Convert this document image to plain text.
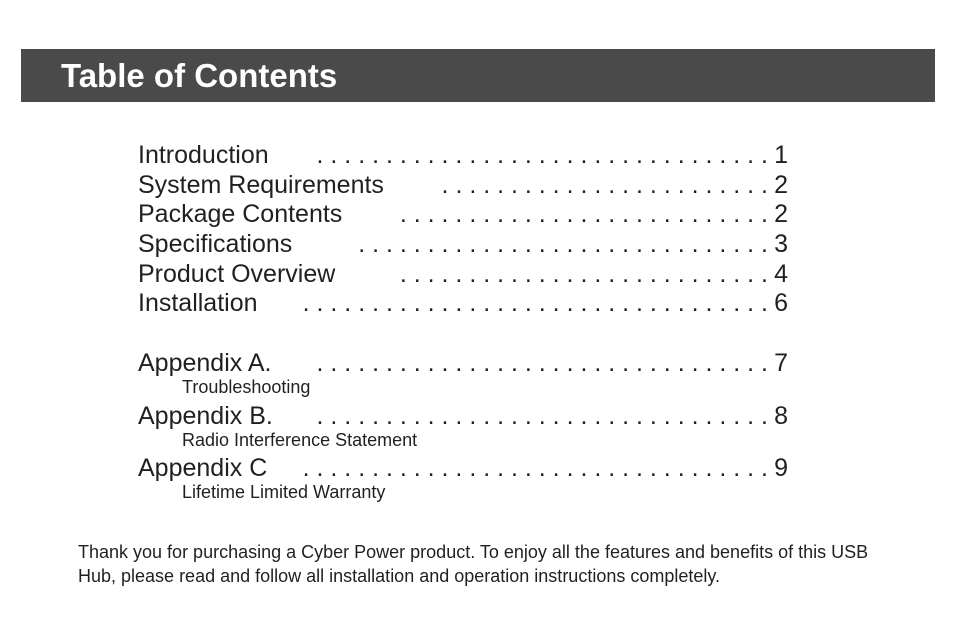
Table of Contents
Introduction . . . . . . . . . . . . . . . . . . . . . . . . . . . . . . . . . 1
System Requirements . . . . . . . . . . . . . . . . . . . . . . . . 2
Package Contents . . . . . . . . . . . . . . . . . . . . . . . . . . . 2
Specifications	. . . . . . . . . . . . . . . . . . . . . . . . . . . . . . 3
Product Overview	. . . . . . . . . . . . . . . . . . . . . . . . . . . 4
Installation . . . . . . . . . . . . . . . . . . . . . . . . . . . . . . . . . . 6
Appendix A. . . . . . . . . . . . . . . . . . . . . . . . . . . . . . . . . . 7
Troubleshooting
Appendix B. . . . . . . . . . . . . . . . . . . . . . . . . . . . . . . . . . 8
Radio Interference Statement
Appendix C . . . . . . . . . . . . . . . . . . . . . . . . . . . . . . . . . . 9
Lifetime Limited Warranty
Thank you for purchasing a Cyber Power product. To enjoy all the features and benefits of this USB Hub, please read and follow all installation and operation instructions completely.
